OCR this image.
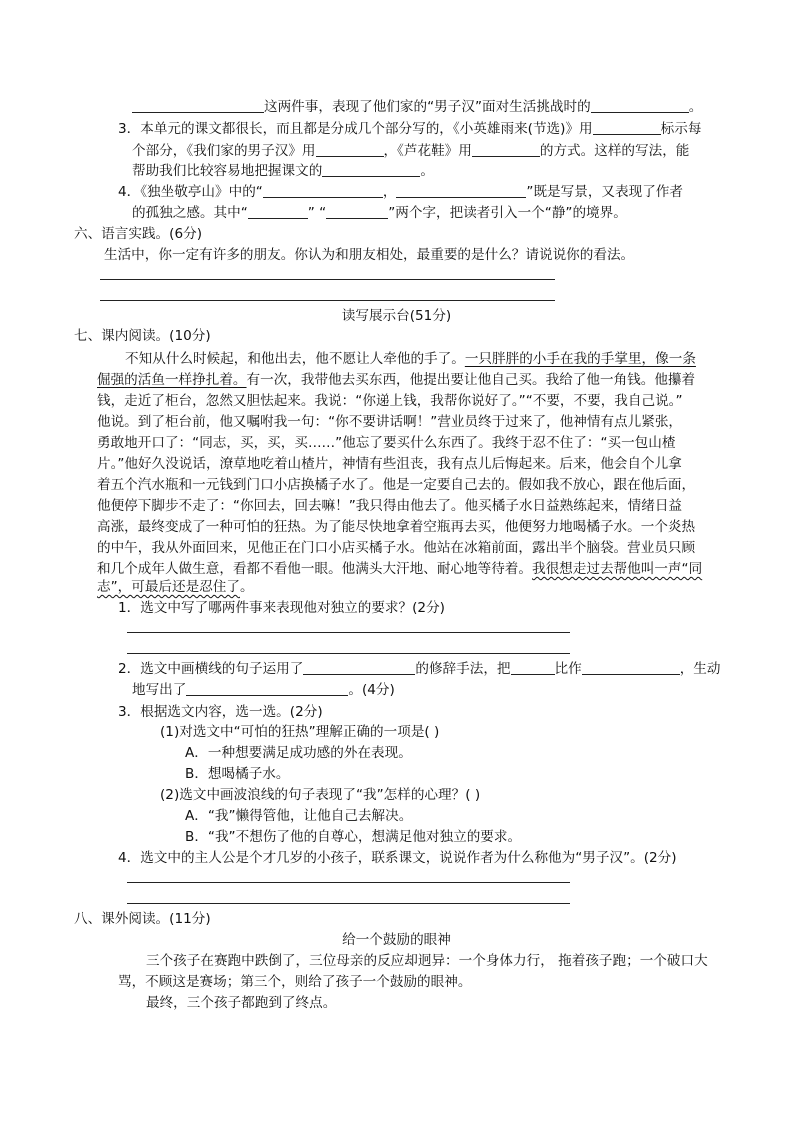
这两件事，表现了他们家的“男子汉”面对生活挑战时的	。
3．本单元的课文都很长，而且都是分成几个部分写的，《小英雄雨来(节选)》用	标示每
个部分，《我们家的男子汉》用	，《芦花鞋》用	的方式。这样的写法，能
帮助我们比较容易地把握课文的	。
4．《独坐敬亭山》中的“	，	”既是写景，又表现了作者
的孤独之感。其中“	” “	”两个字，把读者引入一个“静”的境界。
六、语言实践。(6分)
生活中，你一定有许多的朋友。你认为和朋友相处，最重要的是什么？请说说你的看法。
读写展示台(51分)
七、课内阅读。(10分)
不知从什么时候起，和他出去，他不愿让人牵他的手了。一只胖胖的小手在我的手掌里，像一条
倔强的活鱼一样挣扎着。有一次，我带他去买东西，他提出要让他自己买。我给了他一角钱。他攥着
钱，走近了柜台，忽然又胆怯起来。我说：“你递上钱，我帮你说好了。”“不要，不要，我自己说。”
他说。到了柜台前，他又嘱咐我一句：“你不要讲话啊！”营业员终于过来了，他神情有点儿紧张，
勇敢地开口了：“同志，买，买，买……”他忘了要买什么东西了。我终于忍不住了：“买一包山楂
片。”他好久没说话，潦草地吃着山楂片，神情有些沮丧，我有点儿后悔起来。后来，他会自个儿拿
着五个汽水瓶和一元钱到门口小店换橘子水了。他是一定要自己去的。假如我不放心，跟在他后面，
他便停下脚步不走了：“你回去，回去嘛！”我只得由他去了。他买橘子水日益熟练起来，情绪日益
高涨，最终变成了一种可怕的狂热。为了能尽快地拿着空瓶再去买，他便努力地喝橘子水。一个炎热
的中午，我从外面回来，见他正在门口小店买橘子水。他站在冰箱前面，露出半个脑袋。营业员只顾
和几个成年人做生意，看都不看他一眼。他满头大汗地、耐心地等待着。我很想走过去帮他叫一声“同
志”，可最后还是忍住了。
1．选文中写了哪两件事来表现他对独立的要求？(2分)
2．选文中画横线的句子运用了	的修辞手法，把	比作	，生动
地写出了	。(4分)
3．根据选文内容，选一选。(2分)
(1)对选文中“可怕的狂热”理解正确的一项是( )
A．一种想要满足成功感的外在表现。
B．想喝橘子水。
(2)选文中画波浪线的句子表现了“我”怎样的心理？( )
A．“我”懒得管他，让他自己去解决。
B．“我”不想伤了他的自尊心，想满足他对独立的要求。
4．选文中的主人公是个才几岁的小孩子，联系课文，说说作者为什么称他为“男子汉”。(2分)
八、课外阅读。(11分)
给一个鼓励的眼神
三个孩子在赛跑中跌倒了，三位母亲的反应却迥异：一个身体力行， 拖着孩子跑；一个破口大
骂，不顾这是赛场；第三个，则给了孩子一个鼓励的眼神。
最终，三个孩子都跑到了终点。
